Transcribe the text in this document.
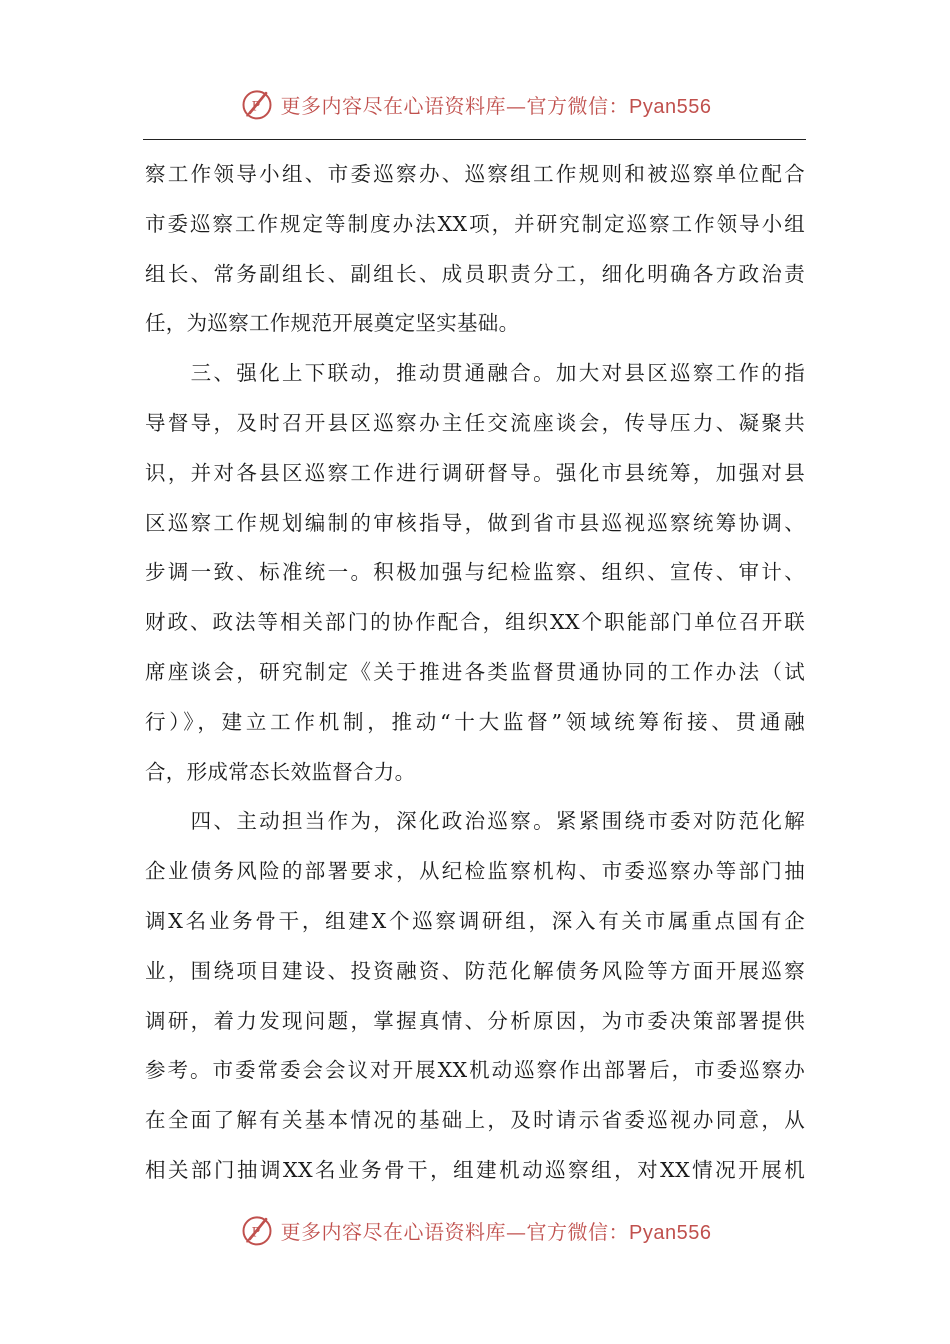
P 更多内容尽在心语资料库—官方微信：Pyan556
察工作领导小组、市委巡察办、巡察组工作规则和被巡察单位配合
市委巡察工作规定等制度办法XX项，并研究制定巡察工作领导小组
组长、常务副组长、副组长、成员职责分工，细化明确各方政治责
任，为巡察工作规范开展奠定坚实基础。
　　三、强化上下联动，推动贯通融合。加大对县区巡察工作的指
导督导，及时召开县区巡察办主任交流座谈会，传导压力、凝聚共
识，并对各县区巡察工作进行调研督导。强化市县统筹，加强对县
区巡察工作规划编制的审核指导，做到省市县巡视巡察统筹协调、
步调一致、标准统一。积极加强与纪检监察、组织、宣传、审计、
财政、政法等相关部门的协作配合，组织XX个职能部门单位召开联
席座谈会，研究制定《关于推进各类监督贯通协同的工作办法（试
行）》，建立工作机制，推动“十大监督”领域统筹衔接、贯通融
合，形成常态长效监督合力。
　　四、主动担当作为，深化政治巡察。紧紧围绕市委对防范化解
企业债务风险的部署要求，从纪检监察机构、市委巡察办等部门抽
调X名业务骨干，组建X个巡察调研组，深入有关市属重点国有企
业，围绕项目建设、投资融资、防范化解债务风险等方面开展巡察
调研，着力发现问题，掌握真情、分析原因，为市委决策部署提供
参考。市委常委会会议对开展XX机动巡察作出部署后，市委巡察办
在全面了解有关基本情况的基础上，及时请示省委巡视办同意，从
相关部门抽调XX名业务骨干，组建机动巡察组，对XX情况开展机
P 更多内容尽在心语资料库—官方微信：Pyan556
